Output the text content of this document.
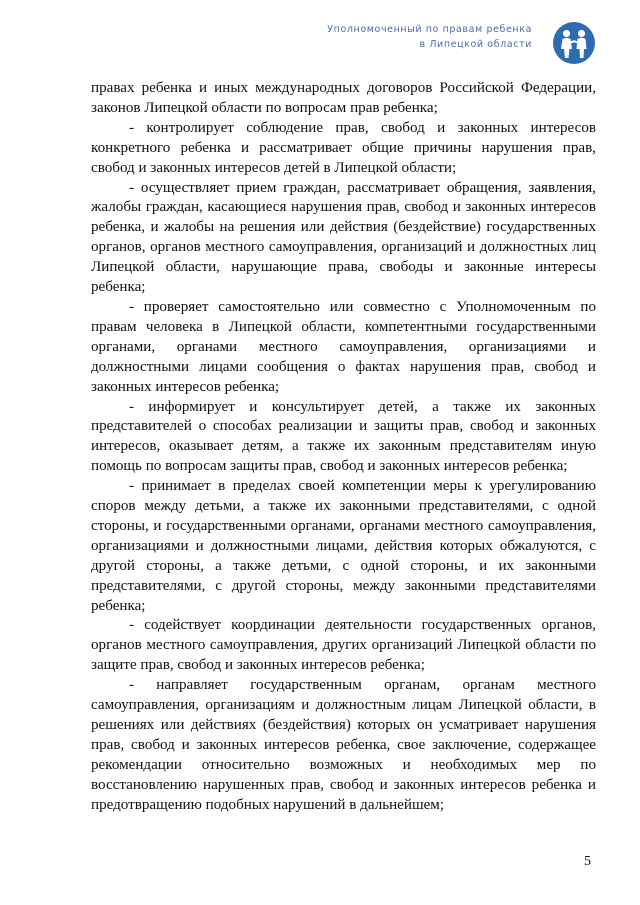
Уполномоченный по правам ребенка
в Липецкой области

правах ребенка и иных международных договоров Российской Федерации, законов Липецкой области по вопросам прав ребенка;

- контролирует соблюдение прав, свобод и законных интересов конкретного ребенка и рассматривает общие причины нарушения прав, свобод и законных интересов детей в Липецкой области;

- осуществляет прием граждан, рассматривает обращения, заявления, жалобы граждан, касающиеся нарушения прав, свобод и законных интересов ребенка, и жалобы на решения или действия (бездействие) государственных органов, органов местного самоуправления, организаций и должностных лиц Липецкой области, нарушающие права, свободы и законные интересы ребенка;

- проверяет самостоятельно или совместно с Уполномоченным по правам человека в Липецкой области, компетентными государственными органами, органами местного самоуправления, организациями и должностными лицами сообщения о фактах нарушения прав, свобод и законных интересов ребенка;

- информирует и консультирует детей, а также их законных представителей о способах реализации и защиты прав, свобод и законных интересов, оказывает детям, а также их законным представителям иную помощь по вопросам защиты прав, свобод и законных интересов ребенка;

- принимает в пределах своей компетенции меры к урегулированию споров между детьми, а также их законными представителями, с одной стороны, и государственными органами, органами местного самоуправления, организациями и должностными лицами, действия которых обжалуются, с другой стороны, а также детьми, с одной стороны, и их законными представителями, с другой стороны, между законными представителями ребенка;

- содействует координации деятельности государственных органов, органов местного самоуправления, других организаций Липецкой области по защите прав, свобод и законных интересов ребенка;

- направляет государственным органам, органам местного самоуправления, организациям и должностным лицам Липецкой области, в решениях или действиях (бездействия) которых он усматривает нарушения прав, свобод и законных интересов ребенка, свое заключение, содержащее рекомендации относительно возможных и необходимых мер по восстановлению нарушенных прав, свобод и законных интересов ребенка и предотвращению подобных нарушений в дальнейшем;

5
